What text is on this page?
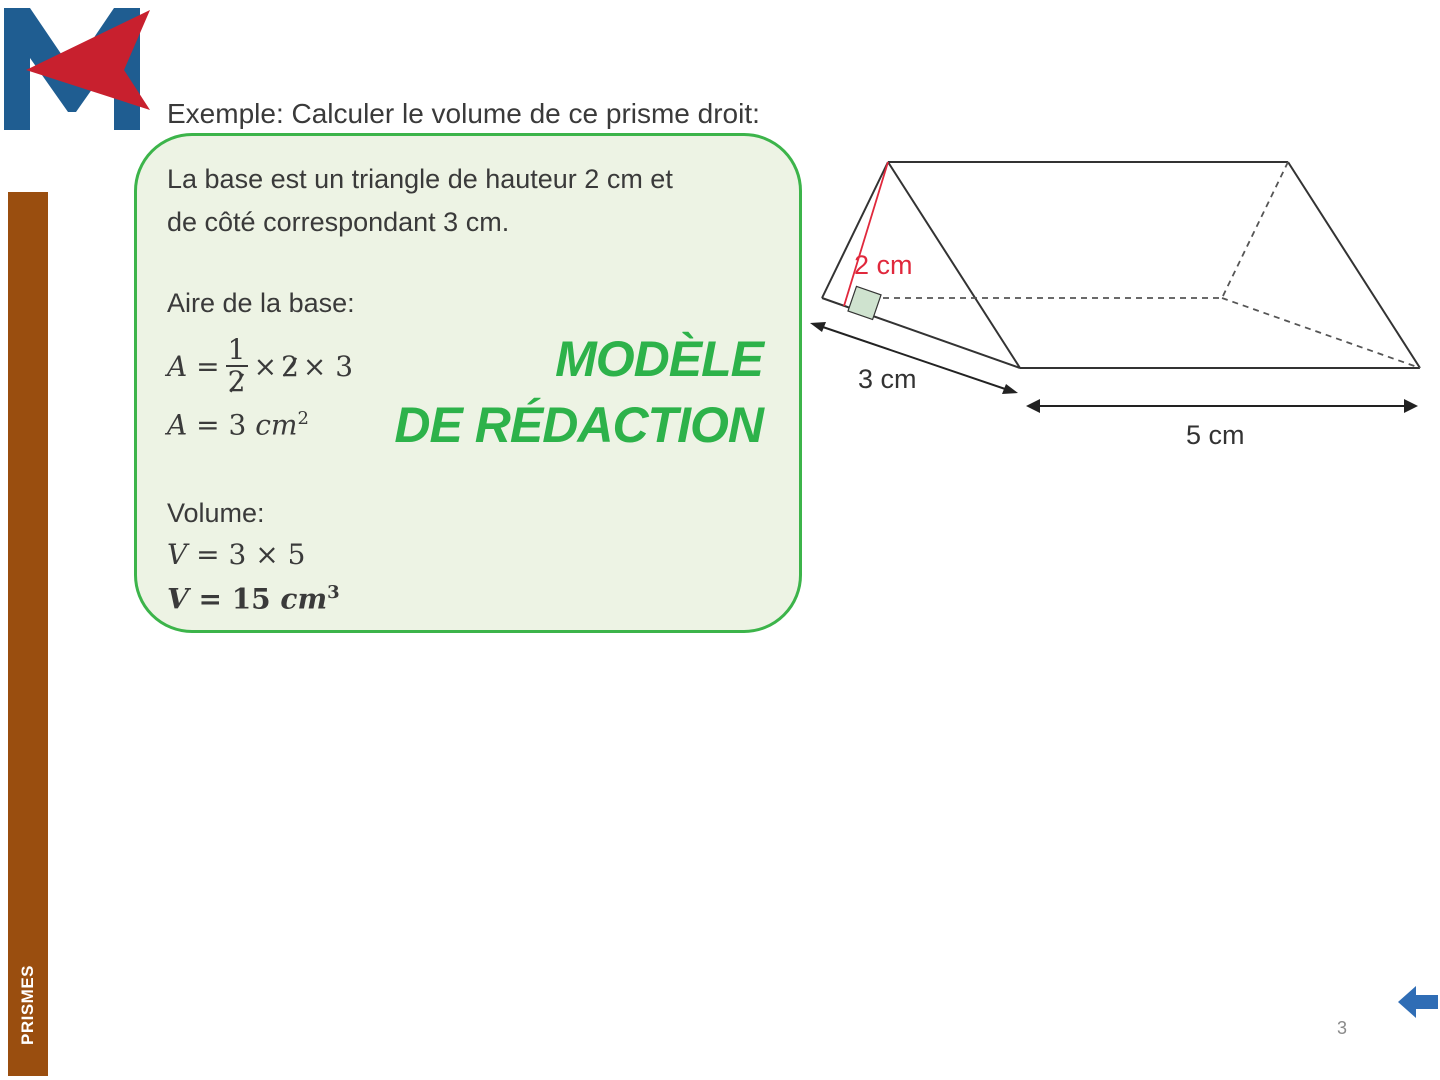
PRISMES
Exemple: Calculer le volume de ce prisme droit:
La base est un triangle de hauteur 2 cm et
de côté correspondant 3 cm.
Aire de la base:
$A = \frac{1}{2} \times 2 \times 3$
A = 3 $cm^2$
Volume:
V = 3 × 5
V = 15 $cm^3$
MODÈLE
DE RÉDACTION
2 cm
3 cm
5 cm
3
